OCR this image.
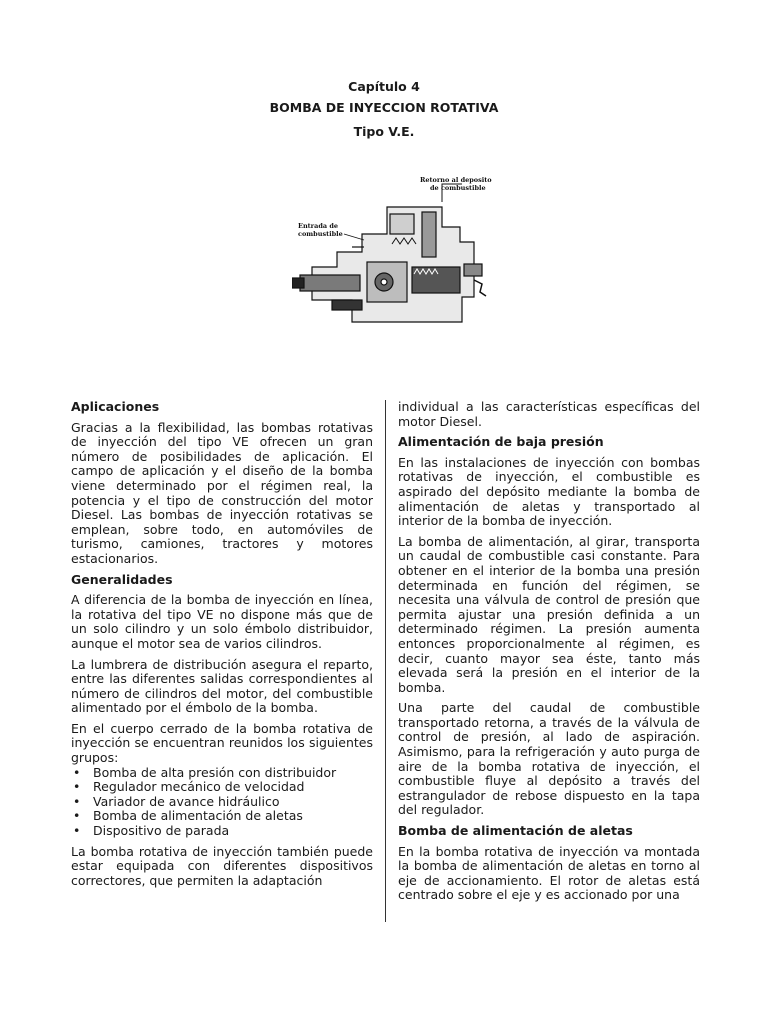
Capítulo 4
BOMBA DE INYECCION ROTATIVA
Tipo V.E.
Retorno al deposito
de combustible
Entrada de
combustible
Aplicaciones

Gracias a la flexibilidad, las bombas rotativas de inyección del tipo VE ofrecen un gran número de posibilidades de aplicación. El campo de aplicación y el diseño de la bomba viene determinado por el régimen real, la potencia y el tipo de construcción del motor Diesel. Las bombas de inyección rotativas se emplean, sobre todo, en automóviles de turismo, camiones, tractores y motores estacionarios.

Generalidades

A diferencia de la bomba de inyección en línea, la rotativa del tipo VE no dispone más que de un solo cilindro y un solo émbolo distribuidor, aunque el motor sea de varios cilindros.

La lumbrera de distribución asegura el reparto, entre las diferentes salidas correspondientes al número de cilindros del motor, del combustible alimentado por el émbolo de la bomba.

En el cuerpo cerrado de la bomba rotativa de inyección se encuentran reunidos los siguientes grupos:

• Bomba de alta presión con distribuidor
• Regulador mecánico de velocidad
• Variador de avance hidráulico
• Bomba de alimentación de aletas
• Dispositivo de parada

La bomba rotativa de inyección también puede estar equipada con diferentes dispositivos correctores, que permiten la adaptación

individual a las características específicas del motor Diesel.

Alimentación de baja presión

En las instalaciones de inyección con bombas rotativas de inyección, el combustible es aspirado del depósito mediante la bomba de alimentación de aletas y transportado al interior de la bomba de inyección.

La bomba de alimentación, al girar, transporta un caudal de combustible casi constante. Para obtener en el interior de la bomba una presión determinada en función del régimen, se necesita una válvula de control de presión que permita ajustar una presión definida a un determinado régimen. La presión aumenta entonces proporcionalmente al régimen, es decir, cuanto mayor sea éste, tanto más elevada será la presión en el interior de la bomba.

Una parte del caudal de combustible transportado retorna, a través de la válvula de control de presión, al lado de aspiración. Asimismo, para la refrigeración y auto purga de aire de la bomba rotativa de inyección, el combustible fluye al depósito a través del estrangulador de rebose dispuesto en la tapa del regulador.

Bomba de alimentación de aletas

En la bomba rotativa de inyección va montada la bomba de alimentación de aletas en torno al eje de accionamiento. El rotor de aletas está centrado sobre el eje y es accionado por una
